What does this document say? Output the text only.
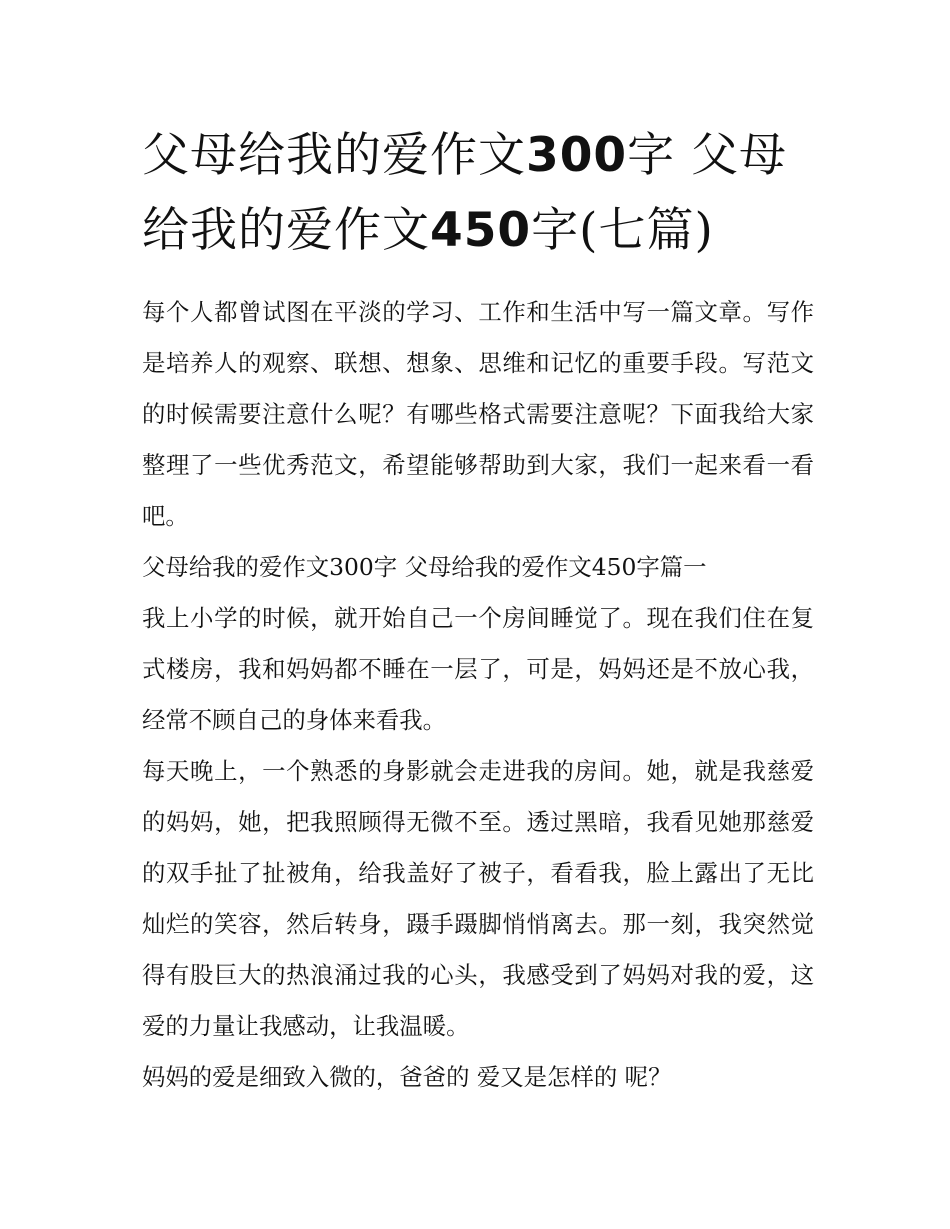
父母给我的爱作文300字 父母给我的爱作文450字(七篇)

每个人都曾试图在平淡的学习、工作和生活中写一篇文章。写作是培养人的观察、联想、想象、思维和记忆的重要手段。写范文的时候需要注意什么呢？有哪些格式需要注意呢？下面我给大家整理了一些优秀范文，希望能够帮助到大家，我们一起来看一看吧。

父母给我的爱作文300字 父母给我的爱作文450字篇一

我上小学的时候，就开始自己一个房间睡觉了。现在我们住在复式楼房，我和妈妈都不睡在一层了，可是，妈妈还是不放心我，经常不顾自己的身体来看我。

每天晚上，一个熟悉的身影就会走进我的房间。她，就是我慈爱的妈妈，她，把我照顾得无微不至。透过黑暗，我看见她那慈爱的双手扯了扯被角，给我盖好了被子，看看我，脸上露出了无比灿烂的笑容，然后转身，蹑手蹑脚悄悄离去。那一刻，我突然觉得有股巨大的热浪涌过我的心头，我感受到了妈妈对我的爱，这爱的力量让我感动，让我温暖。

妈妈的爱是细致入微的，爸爸的 爱又是怎样的 呢？
